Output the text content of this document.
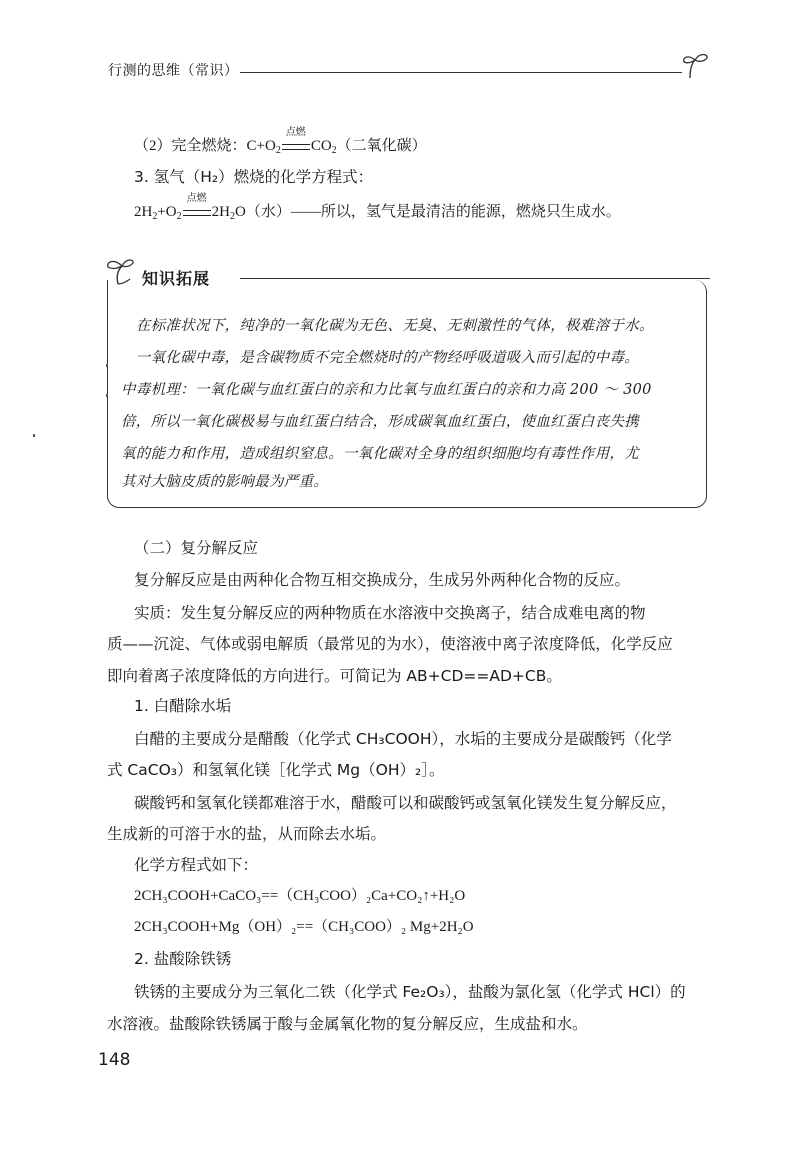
行测的思维（常识）
（2）完全燃烧：$C+O_2$
点燃
$CO_2$（二氧化碳）
3. 氢气（H₂）燃烧的化学方程式：
$2H_2+O_2$
点燃
$2H_2O$（水）——所以，氢气是最清洁的能源，燃烧只生成水。
知识拓展
　在标准状况下，纯净的一氧化碳为无色、无臭、无刺激性的气体，极难溶于水。
　一氧化碳中毒，是含碳物质不完全燃烧时的产物经呼吸道吸入而引起的中毒。
中毒机理：一氧化碳与血红蛋白的亲和力比氧与血红蛋白的亲和力高 200 ～ 300
倍，所以一氧化碳极易与血红蛋白结合，形成碳氧血红蛋白，使血红蛋白丧失携
氧的能力和作用，造成组织窒息。一氧化碳对全身的组织细胞均有毒性作用，尤
其对大脑皮质的影响最为严重。
（二）复分解反应
复分解反应是由两种化合物互相交换成分，生成另外两种化合物的反应。
实质：发生复分解反应的两种物质在水溶液中交换离子，结合成难电离的物
质——沉淀、气体或弱电解质（最常见的为水），使溶液中离子浓度降低，化学反应
即向着离子浓度降低的方向进行。可简记为 AB+CD==AD+CB。
1. 白醋除水垢
白醋的主要成分是醋酸（化学式 CH₃COOH），水垢的主要成分是碳酸钙（化学
式 CaCO₃）和氢氧化镁［化学式 Mg（OH）₂］。
碳酸钙和氢氧化镁都难溶于水，醋酸可以和碳酸钙或氢氧化镁发生复分解反应，
生成新的可溶于水的盐，从而除去水垢。
化学方程式如下：
2CH₃COOH+CaCO₃==（CH₃COO）₂Ca+CO₂↑+H₂O
2CH₃COOH+Mg（OH）₂==（CH₃COO）₂ Mg+2H₂O
2. 盐酸除铁锈
铁锈的主要成分为三氧化二铁（化学式 Fe₂O₃），盐酸为氯化氢（化学式 HCl）的
水溶液。盐酸除铁锈属于酸与金属氧化物的复分解反应，生成盐和水。
148
